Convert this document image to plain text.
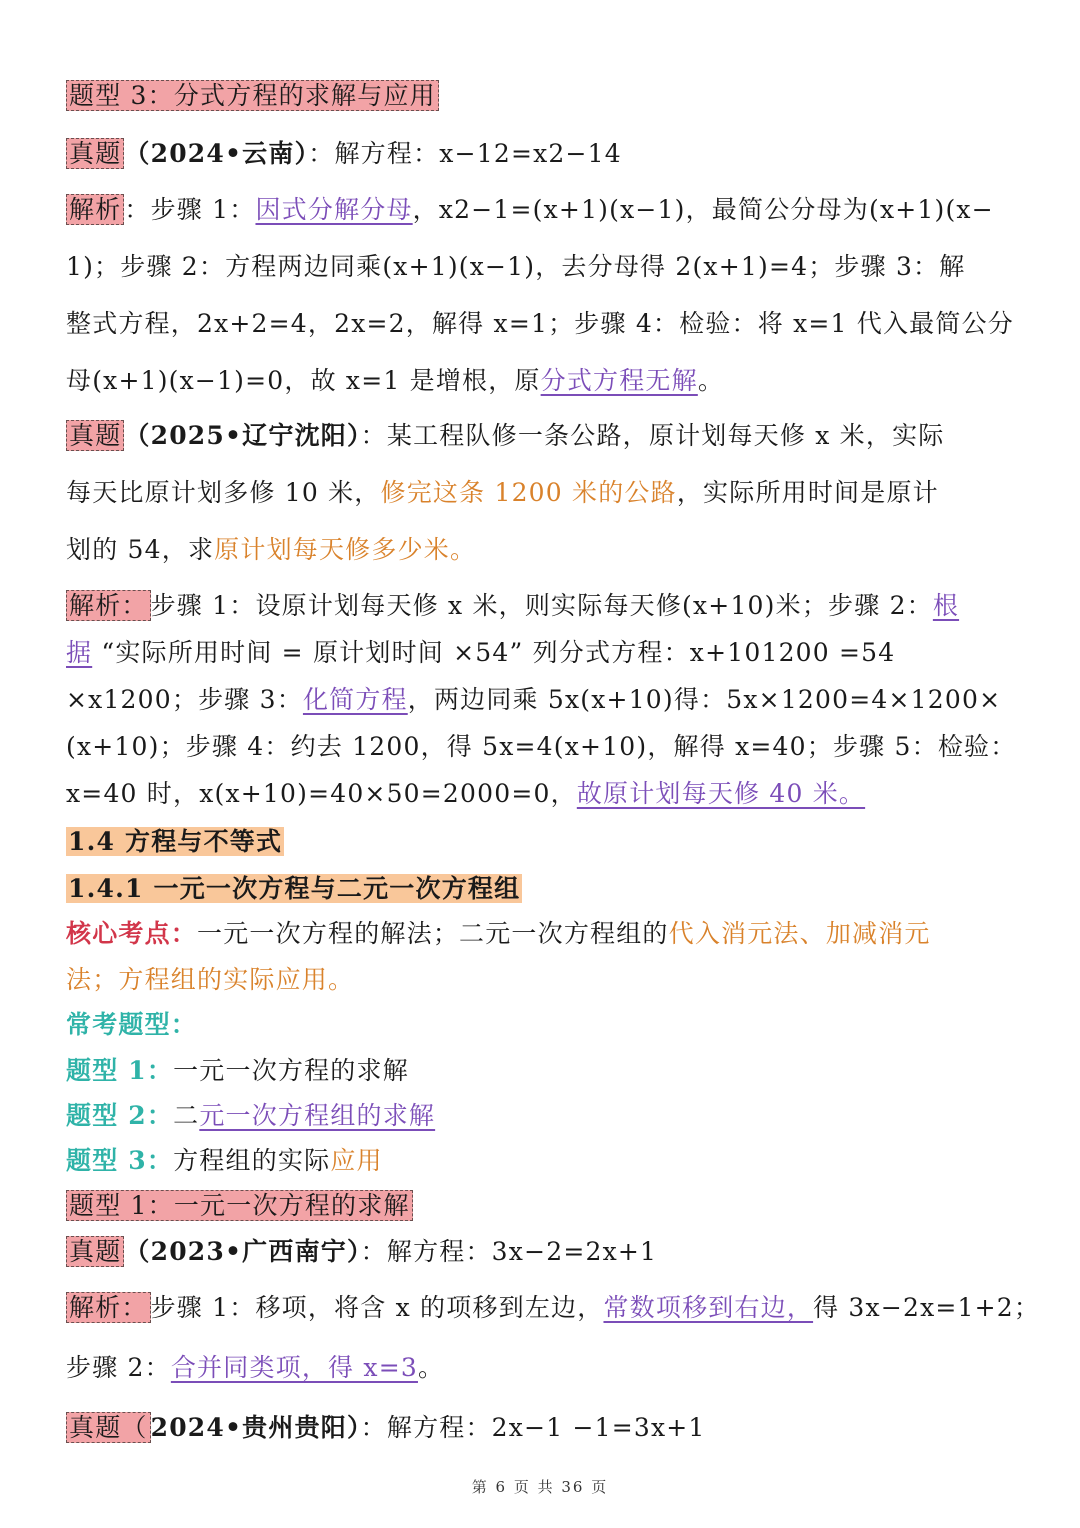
题型 3：分式方程的求解与应用
真题 （2024•云南）：解方程：x−12=x2−14
解析 ：步骤 1：因式分解分母，x2−1=(x+1)(x−1)，最简公分母为(x+1)(x−
1)；步骤 2：方程两边同乘(x+1)(x−1)，去分母得 2(x+1)=4；步骤 3：解
整式方程，2x+2=4，2x=2，解得 x=1；步骤 4：检验：将 x=1 代入最简公分
母(x+1)(x−1)=0，故 x=1 是增根，原分式方程无解。
真题 （2025•辽宁沈阳）：某工程队修一条公路，原计划每天修 x 米，实际
每天比原计划多修 10 米，修完这条 1200 米的公路，实际所用时间是原计
划的 54，求原计划每天修多少米。
解析： 步骤 1：设原计划每天修 x 米，则实际每天修(x+10)米；步骤 2：根
据 “实际所用时间 = 原计划时间 ×54” 列分式方程：x+101200 =54
×x1200；步骤 3：化简方程，两边同乘 5x(x+10)得：5x×1200=4×1200×
(x+10)；步骤 4：约去 1200，得 5x=4(x+10)，解得 x=40；步骤 5：检验：
x=40 时，x(x+10)=40×50=2000=0，故原计划每天修 40 米。
1.4 方程与不等式
1.4.1 一元一次方程与二元一次方程组
核心考点：一元一次方程的解法；二元一次方程组的代入消元法、加减消元
法；方程组的实际应用。
常考题型：
题型 1：一元一次方程的求解
题型 2：二元一次方程组的求解
题型 3：方程组的实际应用
题型 1：一元一次方程的求解
真题 （2023•广西南宁）：解方程：3x−2=2x+1
解析： 步骤 1：移项，将含 x 的项移到左边，常数项移到右边，得 3x−2x=1+2；
步骤 2：合并同类项，得 x=3。
真题（ 2024•贵州贵阳）：解方程：2x−1 −1=3x+1
第 6 页 共 36 页
